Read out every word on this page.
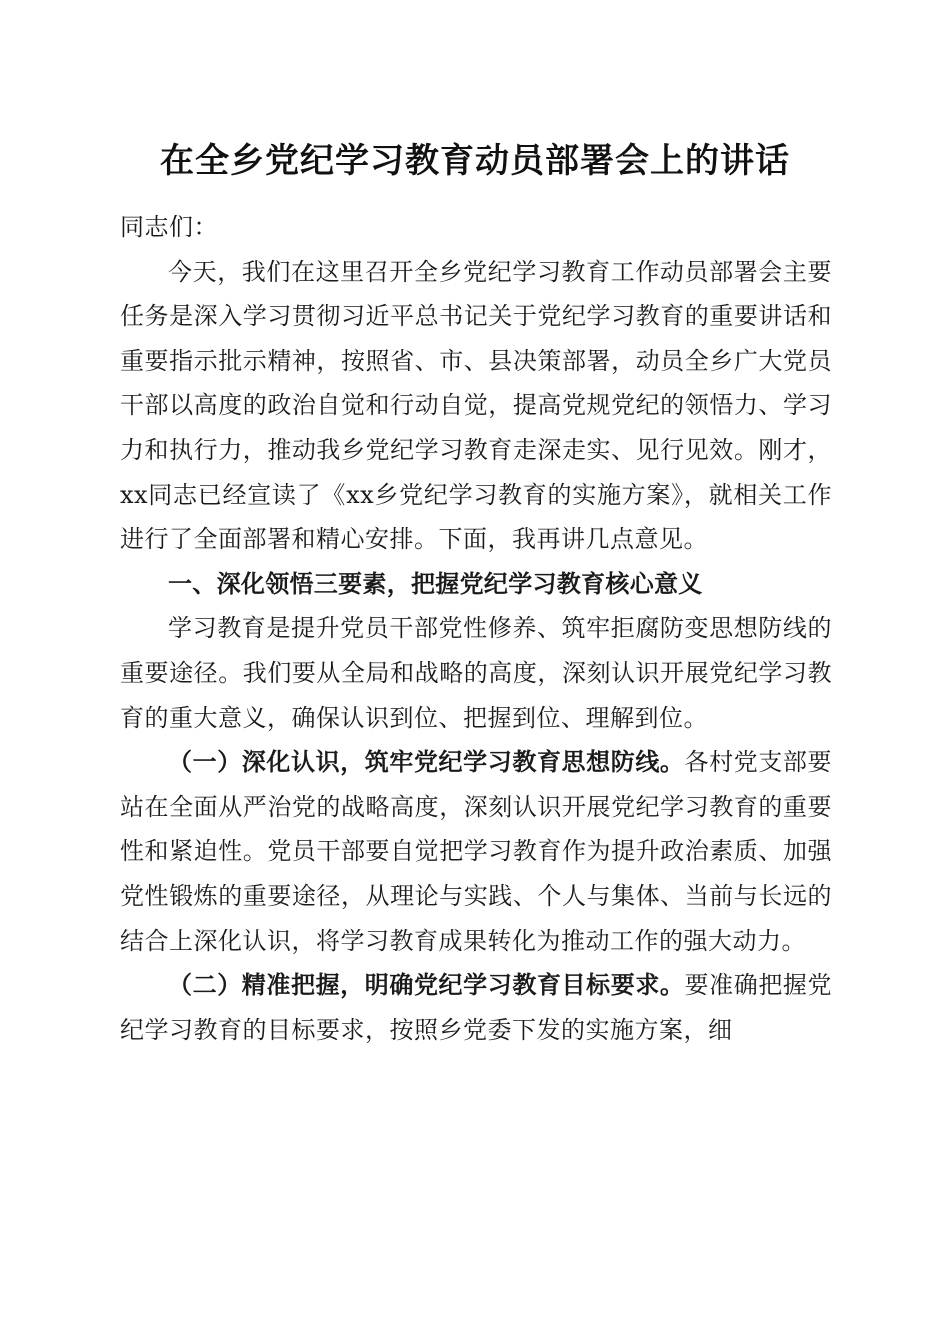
在全乡党纪学习教育动员部署会上的讲话

同志们：

今天，我们在这里召开全乡党纪学习教育工作动员部署会主要任务是深入学习贯彻习近平总书记关于党纪学习教育的重要讲话和重要指示批示精神，按照省、市、县决策部署，动员全乡广大党员干部以高度的政治自觉和行动自觉，提高党规党纪的领悟力、学习力和执行力，推动我乡党纪学习教育走深走实、见行见效。刚才，xx同志已经宣读了《xx乡党纪学习教育的实施方案》，就相关工作进行了全面部署和精心安排。下面，我再讲几点意见。

一、深化领悟三要素，把握党纪学习教育核心意义

学习教育是提升党员干部党性修养、筑牢拒腐防变思想防线的重要途径。我们要从全局和战略的高度，深刻认识开展党纪学习教育的重大意义，确保认识到位、把握到位、理解到位。

（一）深化认识，筑牢党纪学习教育思想防线。各村党支部要站在全面从严治党的战略高度，深刻认识开展党纪学习教育的重要性和紧迫性。党员干部要自觉把学习教育作为提升政治素质、加强党性锻炼的重要途径，从理论与实践、个人与集体、当前与长远的结合上深化认识，将学习教育成果转化为推动工作的强大动力。

（二）精准把握，明确党纪学习教育目标要求。要准确把握党纪学习教育的目标要求，按照乡党委下发的实施方案，细
